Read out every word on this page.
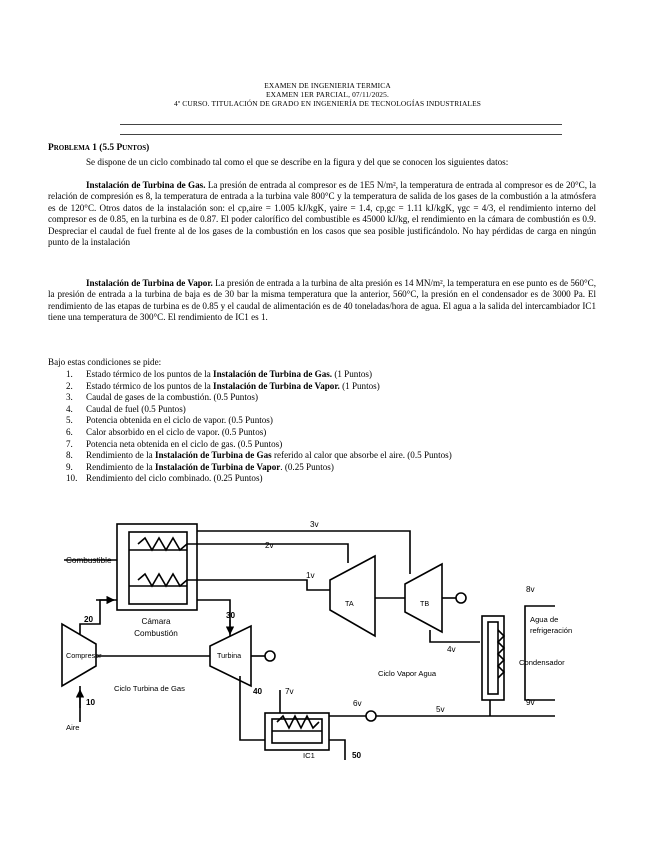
EXAMEN DE INGENIERIA TERMICA
EXAMEN 1ER PARCIAL, 07/11/2025.
4º CURSO. TITULACIÓN DE GRADO EN INGENIERÍA DE TECNOLOGÍAS INDUSTRIALES
Problema 1 (5.5 Puntos)
Se dispone de un ciclo combinado tal como el que se describe en la figura y del que se conocen los siguientes datos:
Instalación de Turbina de Gas. La presión de entrada al compresor es de 1E5 N/m², la temperatura de entrada al compresor es de 20°C, la relación de compresión es 8, la temperatura de entrada a la turbina vale 800°C y la temperatura de salida de los gases de la combustión a la atmósfera es de 120°C. Otros datos de la instalación son: el cp,aire = 1.005 kJ/kgK, γaire = 1.4, cp,gc = 1.11 kJ/kgK, γgc = 4/3, el rendimiento interno del compresor es de 0.85, en la turbina es de 0.87. El poder calorífico del combustible es 45000 kJ/kg, el rendimiento en la cámara de combustión es 0.9. Despreciar el caudal de fuel frente al de los gases de la combustión en los casos que sea posible justificándolo. No hay pérdidas de carga en ningún punto de la instalación
Instalación de Turbina de Vapor. La presión de entrada a la turbina de alta presión es 14 MN/m², la temperatura en ese punto es de 560°C, la presión de entrada a la turbina de baja es de 30 bar la misma temperatura que la anterior, 560°C, la presión en el condensador es de 3000 Pa. El rendimiento de las etapas de turbina es de 0.85 y el caudal de alimentación es de 40 toneladas/hora de agua. El agua a la salida del intercambiador IC1 tiene una temperatura de 300°C. El rendimiento de IC1 es 1.
Bajo estas condiciones se pide:
1. Estado térmico de los puntos de la Instalación de Turbina de Gas. (1 Puntos)
2. Estado térmico de los puntos de la Instalación de Turbina de Vapor. (1 Puntos)
3. Caudal de gases de la combustión. (0.5 Puntos)
4. Caudal de fuel (0.5 Puntos)
5. Potencia obtenida en el ciclo de vapor. (0.5 Puntos)
6. Calor absorbido en el ciclo de vapor. (0.5 Puntos)
7. Potencia neta obtenida en el ciclo de gas. (0.5 Puntos)
8. Rendimiento de la Instalación de Turbina de Gas referido al calor que absorbe el aire. (0.5 Puntos)
9. Rendimiento de la Instalación de Turbina de Vapor. (0.25 Puntos)
10. Rendimiento del ciclo combinado. (0.25 Puntos)
Combustible
Cámara
Combustión
Compresor	Turbina
Ciclo Turbina de Gas
Aire
TA	TB
Ciclo Vapor Agua
Agua de
refrigeración
Condensador
IC1
1v
2v
3v
4v
5v
6v
7v
8v
9v
10
20	30
40
50
